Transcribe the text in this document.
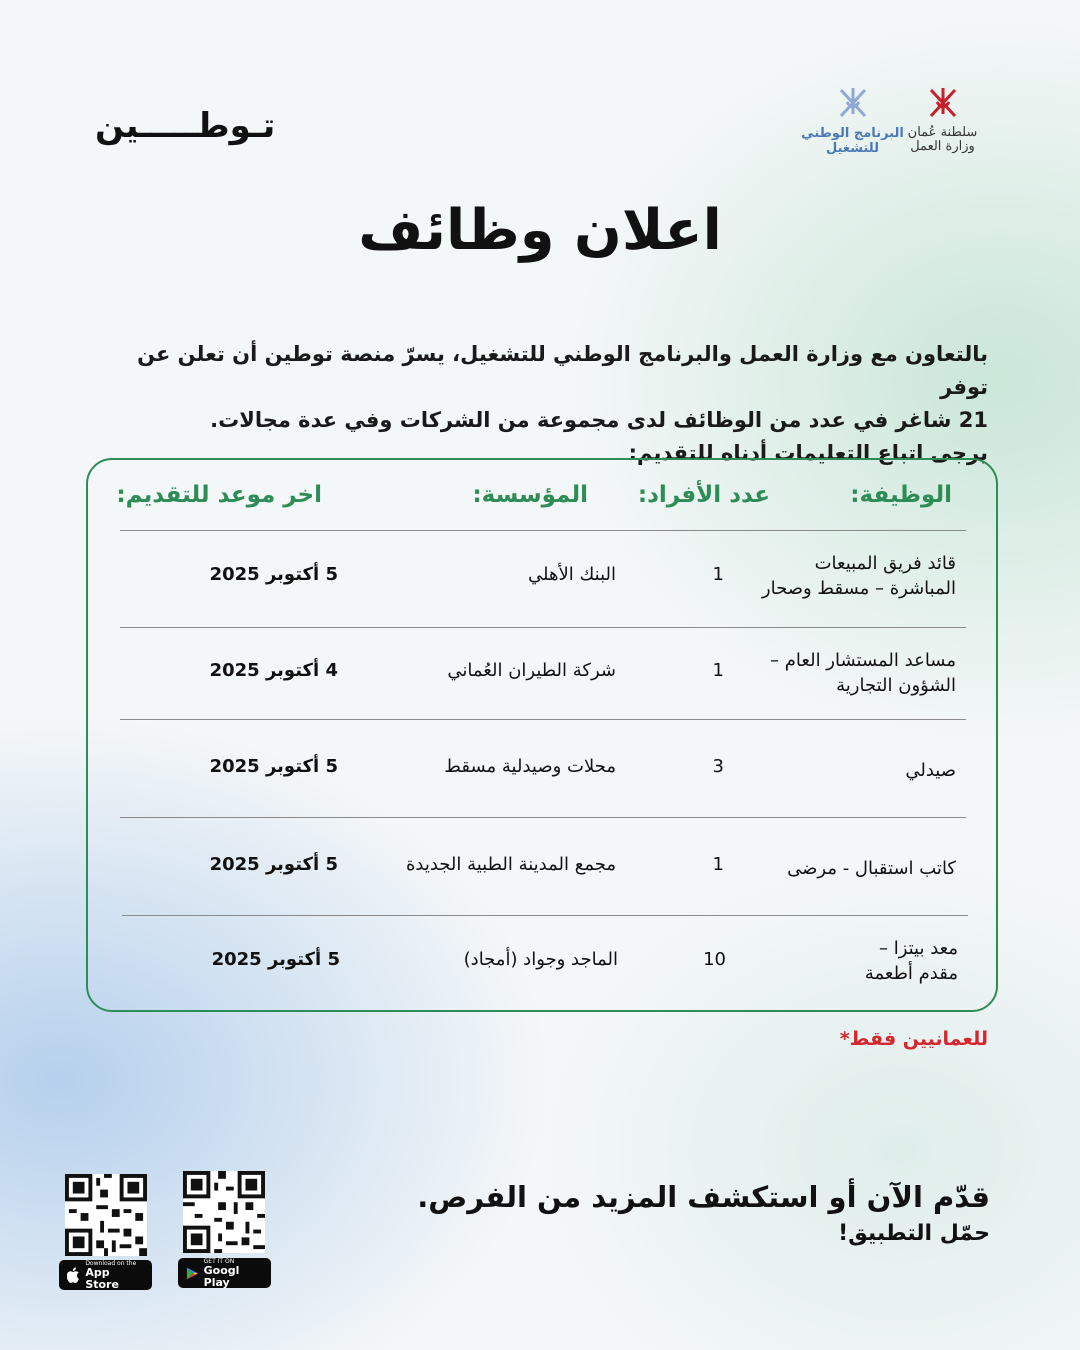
تـوطـــــين	البرنامج الوطني
للتشغيل
سلطنة عُمان
وزارة العمل
اعلان وظائف

بالتعاون مع وزارة العمل والبرنامج الوطني للتشغيل، يسرّ منصة توطين أن تعلن عن توفر

21 شاغر في عدد من الوظائف لدى مجموعة من الشركات وفي عدة مجالات.

يرجى اتباع التعليمات أدناه للتقديم:

الوظيفة:
عدد الأفراد:
المؤسسة:
اخر موعد للتقديم:
قائد فريق المبيعات
المباشرة – مسقط وصحار
1
البنك الأهلي
5 أكتوبر 2025
مساعد المستشار العام –
الشؤون التجارية
1
شركة الطيران العُماني
4 أكتوبر 2025
صيدلي
3
محلات وصيدلية مسقط
5 أكتوبر 2025
كاتب استقبال - مرضى
1
مجمع المدينة الطبية الجديدة
5 أكتوبر 2025
معد بيتزا –
مقدم أطعمة
10
الماجد وجواد (أمجاد)
5 أكتوبر 2025
للعمانيين فقط*
قدّم الآن أو استكشف المزيد من الفرص.
حمّل التطبيق!
Download on the
App Store
GET IT ON
Googl Play
